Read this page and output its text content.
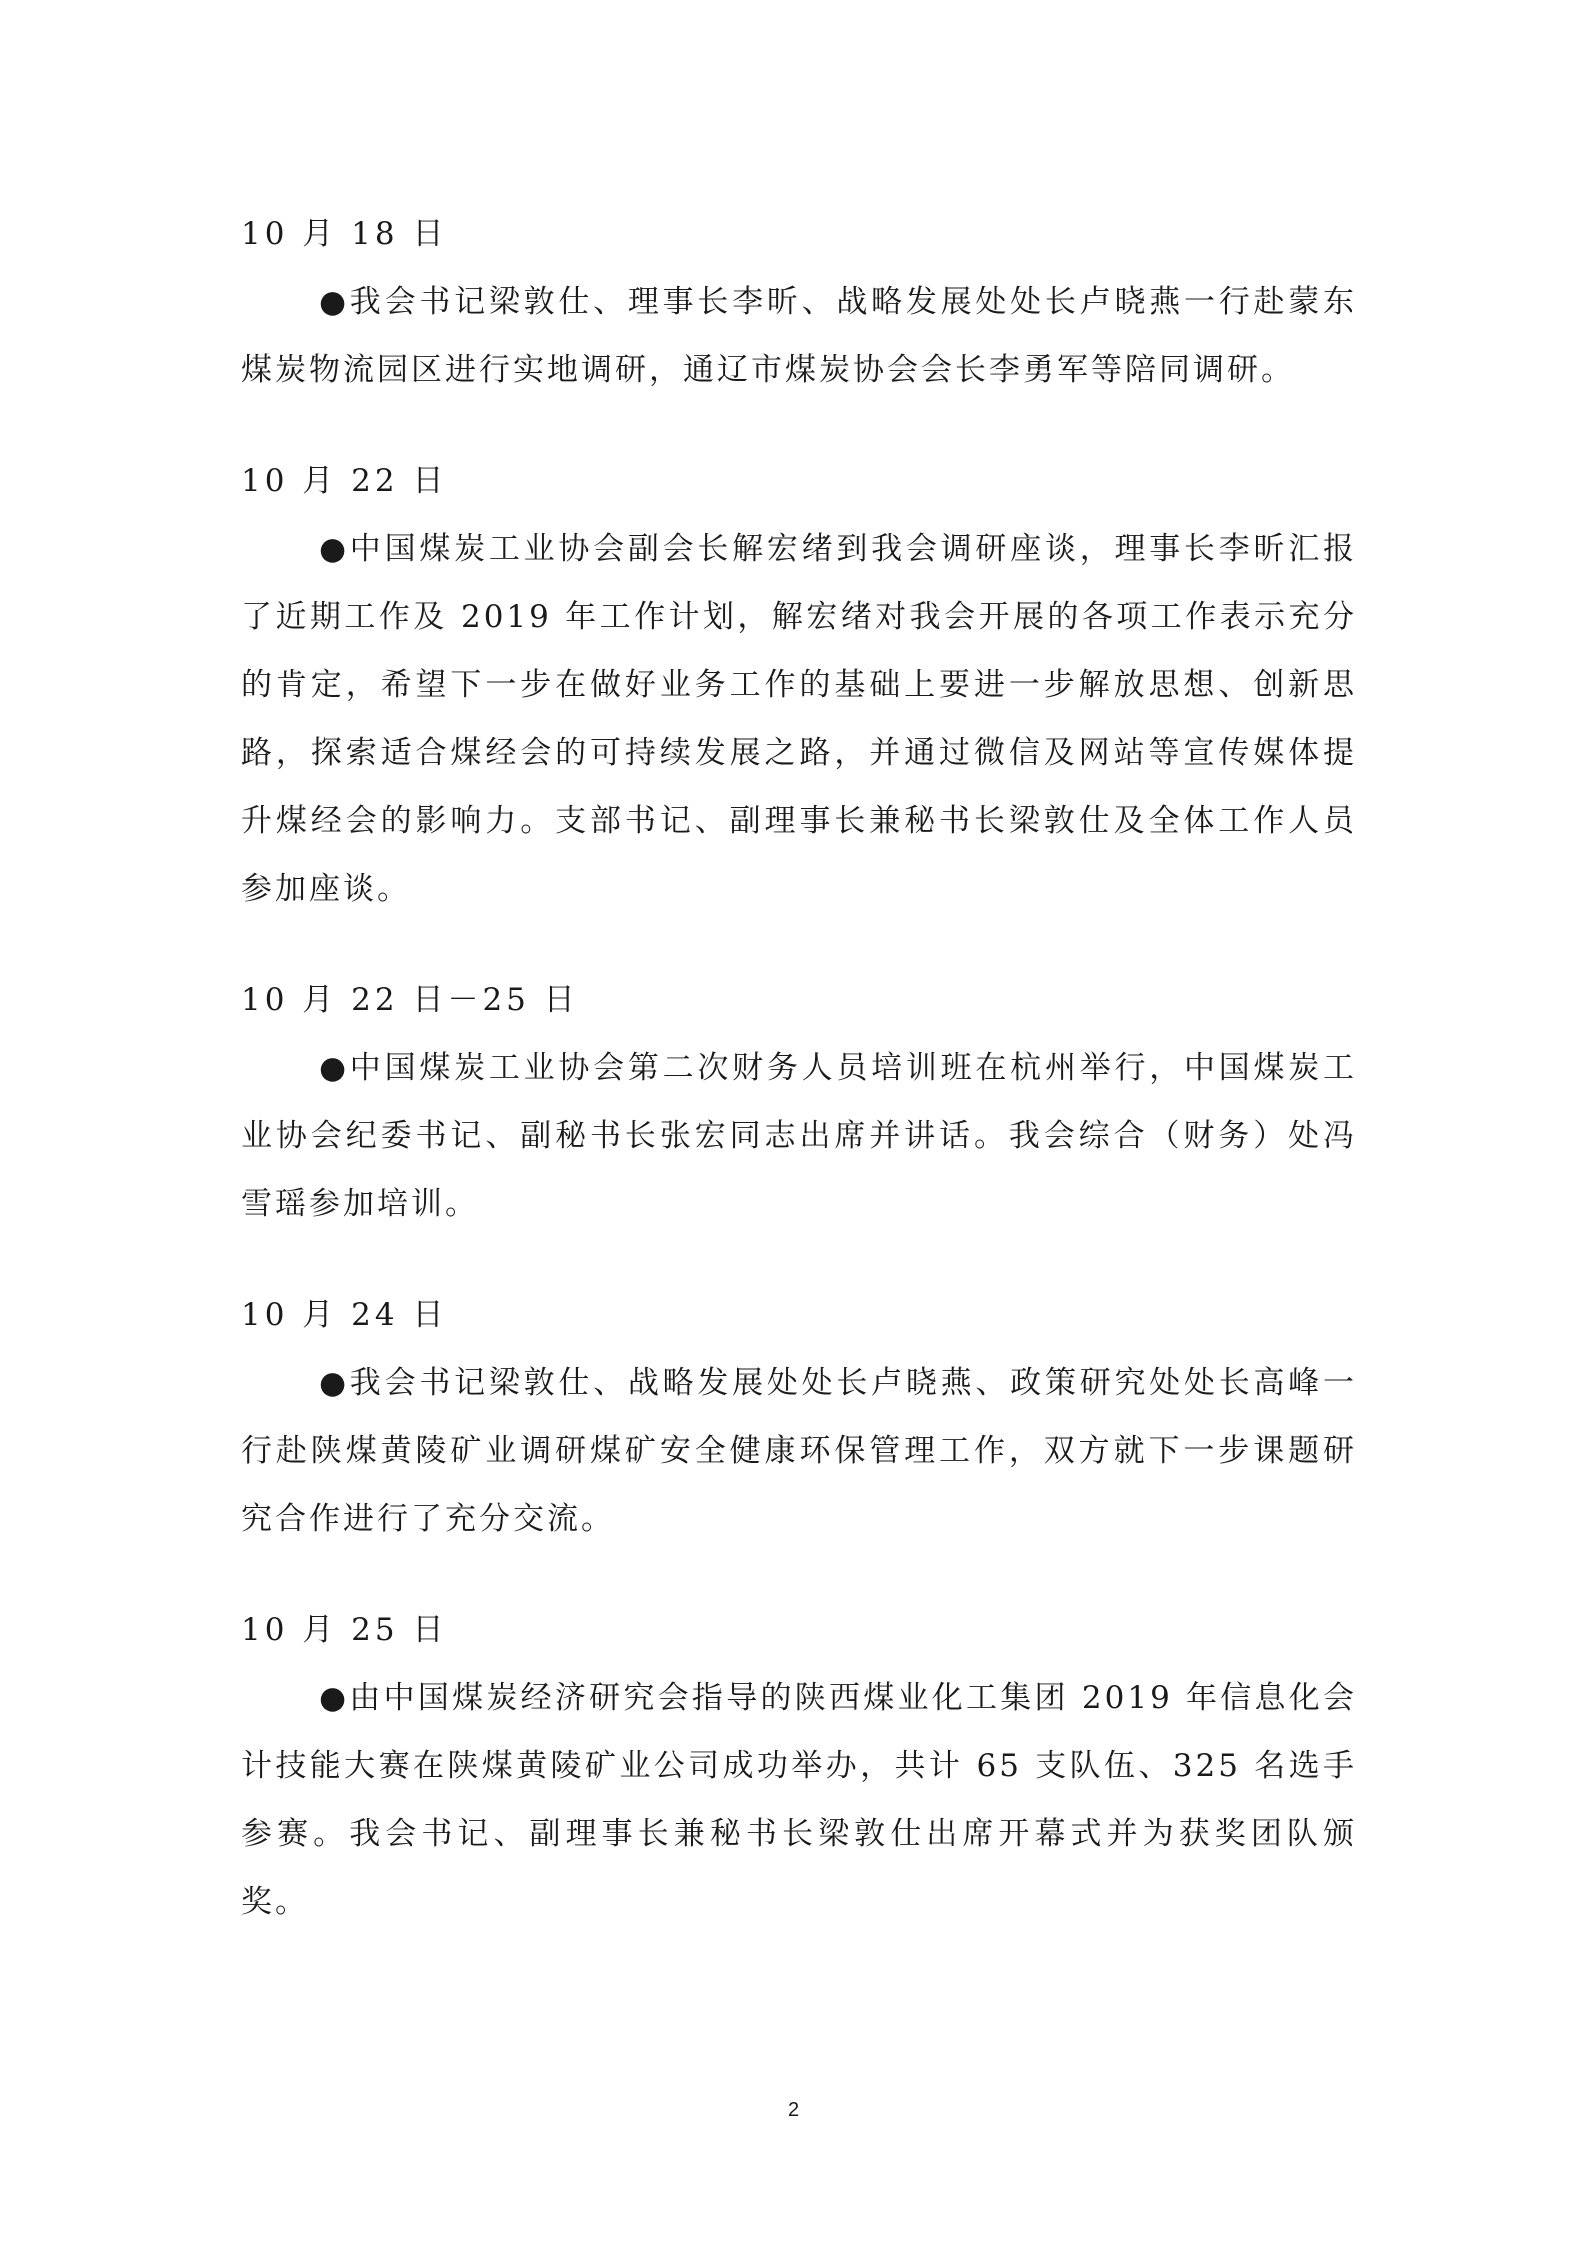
10 月 18 日

●我会书记梁敦仕、理事长李昕、战略发展处处长卢晓燕一行赴蒙东煤炭物流园区进行实地调研，通辽市煤炭协会会长李勇军等陪同调研。

10 月 22 日

●中国煤炭工业协会副会长解宏绪到我会调研座谈，理事长李昕汇报了近期工作及 2019 年工作计划，解宏绪对我会开展的各项工作表示充分的肯定，希望下一步在做好业务工作的基础上要进一步解放思想、创新思路，探索适合煤经会的可持续发展之路，并通过微信及网站等宣传媒体提升煤经会的影响力。支部书记、副理事长兼秘书长梁敦仕及全体工作人员参加座谈。

10 月 22 日－25 日

●中国煤炭工业协会第二次财务人员培训班在杭州举行，中国煤炭工业协会纪委书记、副秘书长张宏同志出席并讲话。我会综合（财务）处冯雪瑶参加培训。

10 月 24 日

●我会书记梁敦仕、战略发展处处长卢晓燕、政策研究处处长高峰一行赴陕煤黄陵矿业调研煤矿安全健康环保管理工作，双方就下一步课题研究合作进行了充分交流。

10 月 25 日

●由中国煤炭经济研究会指导的陕西煤业化工集团 2019 年信息化会计技能大赛在陕煤黄陵矿业公司成功举办，共计 65 支队伍、325 名选手参赛。我会书记、副理事长兼秘书长梁敦仕出席开幕式并为获奖团队颁奖。

2
